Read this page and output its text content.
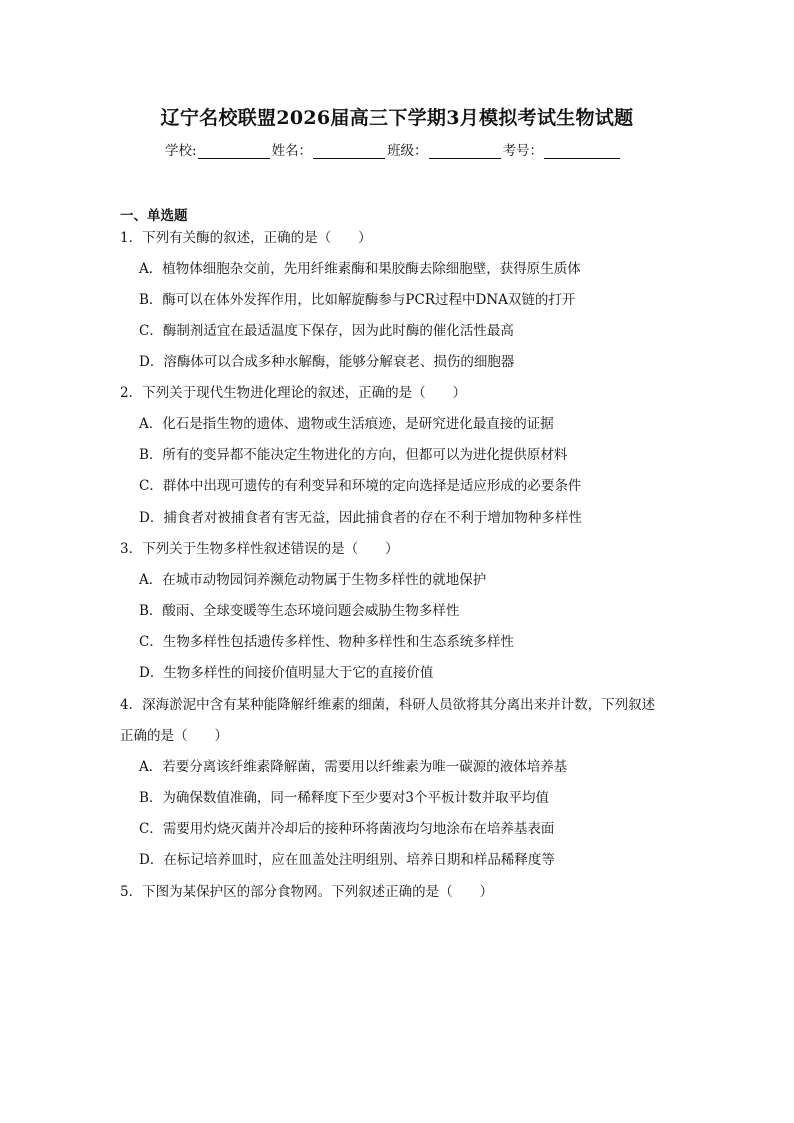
辽宁名校联盟2026届高三下学期3月模拟考试生物试题
学校:	姓名：	班级：	考号：
一、单选题
1．下列有关酶的叙述，正确的是（　　）
A．植物体细胞杂交前，先用纤维素酶和果胶酶去除细胞壁，获得原生质体
B．酶可以在体外发挥作用，比如解旋酶参与PCR过程中DNA双链的打开
C．酶制剂适宜在最适温度下保存，因为此时酶的催化活性最高
D．溶酶体可以合成多种水解酶，能够分解衰老、损伤的细胞器
2．下列关于现代生物进化理论的叙述，正确的是（　　）
A．化石是指生物的遗体、遗物或生活痕迹，是研究进化最直接的证据
B．所有的变异都不能决定生物进化的方向，但都可以为进化提供原材料
C．群体中出现可遗传的有利变异和环境的定向选择是适应形成的必要条件
D．捕食者对被捕食者有害无益，因此捕食者的存在不利于增加物种多样性
3．下列关于生物多样性叙述错误的是（　　）
A．在城市动物园饲养濒危动物属于生物多样性的就地保护
B．酸雨、全球变暖等生态环境问题会威胁生物多样性
C．生物多样性包括遗传多样性、物种多样性和生态系统多样性
D．生物多样性的间接价值明显大于它的直接价值
4．深海淤泥中含有某种能降解纤维素的细菌，科研人员欲将其分离出来并计数，下列叙述
正确的是（　　）
A．若要分离该纤维素降解菌，需要用以纤维素为唯一碳源的液体培养基
B．为确保数值准确，同一稀释度下至少要对3个平板计数并取平均值
C．需要用灼烧灭菌并冷却后的接种环将菌液均匀地涂布在培养基表面
D．在标记培养皿时，应在皿盖处注明组别、培养日期和样品稀释度等
5．下图为某保护区的部分食物网。下列叙述正确的是（　　）
